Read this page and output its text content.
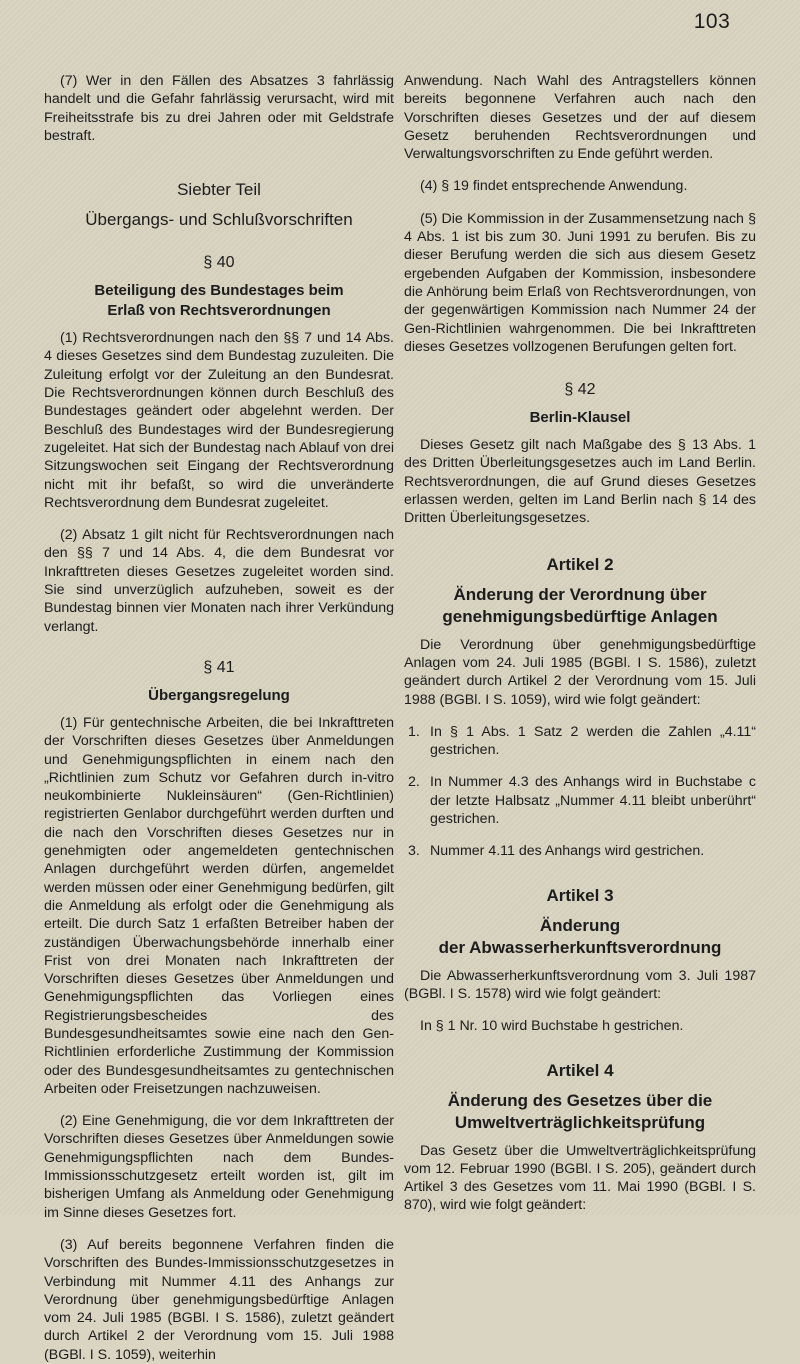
103

(7) Wer in den Fällen des Absatzes 3 fahrlässig handelt und die Gefahr fahrlässig verursacht, wird mit Freiheitsstrafe bis zu drei Jahren oder mit Geldstrafe bestraft.

Siebter Teil
Übergangs- und Schlußvorschriften
§ 40
Beteiligung des Bundestages beim Erlaß von Rechtsverordnungen

(1) Rechtsverordnungen nach den §§ 7 und 14 Abs. 4 dieses Gesetzes sind dem Bundestag zuzuleiten. Die Zuleitung erfolgt vor der Zuleitung an den Bundesrat. Die Rechtsverordnungen können durch Beschluß des Bundestages geändert oder abgelehnt werden. Der Beschluß des Bundestages wird der Bundesregierung zugeleitet. Hat sich der Bundestag nach Ablauf von drei Sitzungswochen seit Eingang der Rechtsverordnung nicht mit ihr befaßt, so wird die unveränderte Rechtsverordnung dem Bundesrat zugeleitet.

(2) Absatz 1 gilt nicht für Rechtsverordnungen nach den §§ 7 und 14 Abs. 4, die dem Bundesrat vor Inkrafttreten dieses Gesetzes zugeleitet worden sind. Sie sind unverzüglich aufzuheben, soweit es der Bundestag binnen vier Monaten nach ihrer Verkündung verlangt.

§ 41
Übergangsregelung

(1) Für gentechnische Arbeiten, die bei Inkrafttreten der Vorschriften dieses Gesetzes über Anmeldungen und Genehmigungspflichten in einem nach den „Richtlinien zum Schutz vor Gefahren durch in-vitro neukombinierte Nukleinsäuren“ (Gen-Richtlinien) registrierten Genlabor durchgeführt werden durften und die nach den Vorschriften dieses Gesetzes nur in genehmigten oder angemeldeten gentechnischen Anlagen durchgeführt werden dürfen, angemeldet werden müssen oder einer Genehmigung bedürfen, gilt die Anmeldung als erfolgt oder die Genehmigung als erteilt. Die durch Satz 1 erfaßten Betreiber haben der zuständigen Überwachungsbehörde innerhalb einer Frist von drei Monaten nach Inkrafttreten der Vorschriften dieses Gesetzes über Anmeldungen und Genehmigungspflichten das Vorliegen eines Registrierungsbescheides des Bundesgesundheitsamtes sowie eine nach den Gen-Richtlinien erforderliche Zustimmung der Kommission oder des Bundesgesundheitsamtes zu gentechnischen Arbeiten oder Freisetzungen nachzuweisen.

(2) Eine Genehmigung, die vor dem Inkrafttreten der Vorschriften dieses Gesetzes über Anmeldungen sowie Genehmigungspflichten nach dem Bundes-Immissionsschutzgesetz erteilt worden ist, gilt im bisherigen Umfang als Anmeldung oder Genehmigung im Sinne dieses Gesetzes fort.

(3) Auf bereits begonnene Verfahren finden die Vorschriften des Bundes-Immissionsschutzgesetzes in Verbindung mit Nummer 4.11 des Anhangs zur Verordnung über genehmigungsbedürftige Anlagen vom 24. Juli 1985 (BGBl. I S. 1586), zuletzt geändert durch Artikel 2 der Verordnung vom 15. Juli 1988 (BGBl. I S. 1059), weiterhin

Anwendung. Nach Wahl des Antragstellers können bereits begonnene Verfahren auch nach den Vorschriften dieses Gesetzes und der auf diesem Gesetz beruhenden Rechtsverordnungen und Verwaltungsvorschriften zu Ende geführt werden.

(4) § 19 findet entsprechende Anwendung.

(5) Die Kommission in der Zusammensetzung nach § 4 Abs. 1 ist bis zum 30. Juni 1991 zu berufen. Bis zu dieser Berufung werden die sich aus diesem Gesetz ergebenden Aufgaben der Kommission, insbesondere die Anhörung beim Erlaß von Rechtsverordnungen, von der gegenwärtigen Kommission nach Nummer 24 der Gen-Richtlinien wahrgenommen. Die bei Inkrafttreten dieses Gesetzes vollzogenen Berufungen gelten fort.

§ 42
Berlin-Klausel

Dieses Gesetz gilt nach Maßgabe des § 13 Abs. 1 des Dritten Überleitungsgesetzes auch im Land Berlin. Rechtsverordnungen, die auf Grund dieses Gesetzes erlassen werden, gelten im Land Berlin nach § 14 des Dritten Überleitungsgesetzes.

Artikel 2
Änderung der Verordnung über genehmigungsbedürftige Anlagen

Die Verordnung über genehmigungsbedürftige Anlagen vom 24. Juli 1985 (BGBl. I S. 1586), zuletzt geändert durch Artikel 2 der Verordnung vom 15. Juli 1988 (BGBl. I S. 1059), wird wie folgt geändert:

1. In § 1 Abs. 1 Satz 2 werden die Zahlen „4.11“ gestrichen.
2. In Nummer 4.3 des Anhangs wird in Buchstabe c der letzte Halbsatz „Nummer 4.11 bleibt unberührt“ gestrichen.
3. Nummer 4.11 des Anhangs wird gestrichen.
Artikel 3
Änderung
der Abwasserherkunftsverordnung

Die Abwasserherkunftsverordnung vom 3. Juli 1987 (BGBl. I S. 1578) wird wie folgt geändert:

In § 1 Nr. 10 wird Buchstabe h gestrichen.

Artikel 4
Änderung des Gesetzes über die Umweltverträglichkeitsprüfung

Das Gesetz über die Umweltverträglichkeitsprüfung vom 12. Februar 1990 (BGBl. I S. 205), geändert durch Artikel 3 des Gesetzes vom 11. Mai 1990 (BGBl. I S. 870), wird wie folgt geändert:
